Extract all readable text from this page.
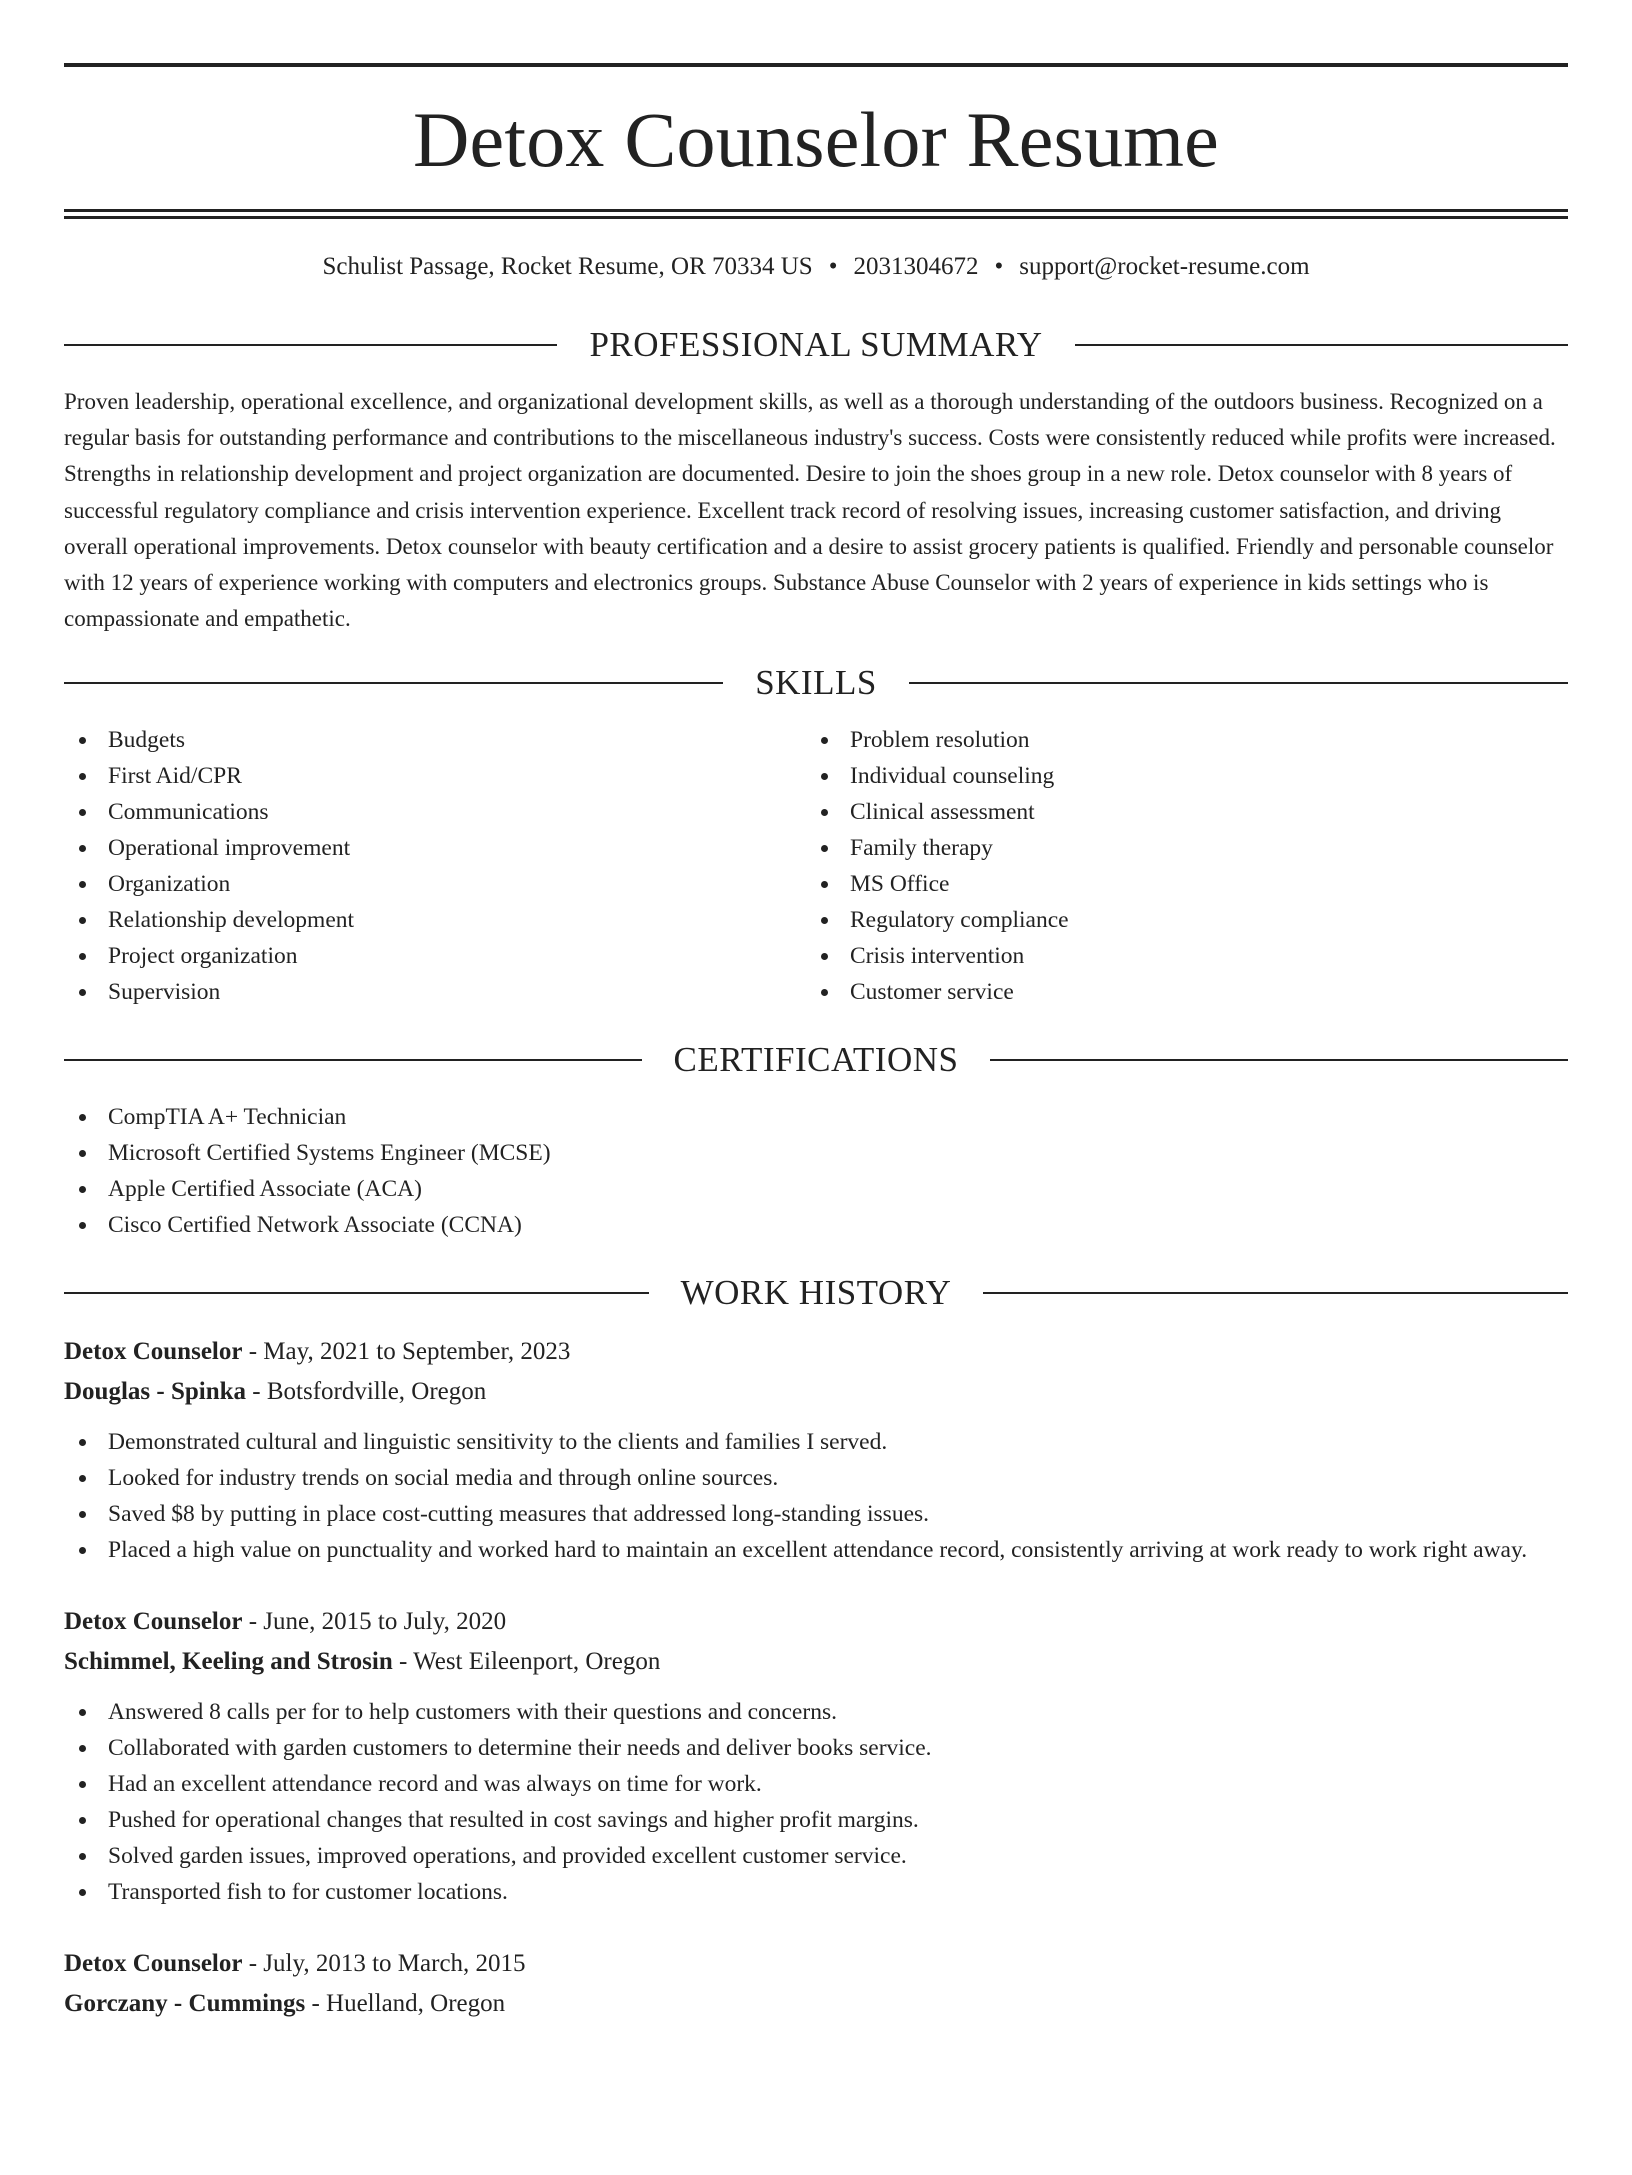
Detox Counselor Resume
Schulist Passage, Rocket Resume, OR 70334 US • 2031304672 • support@rocket-resume.com
PROFESSIONAL SUMMARY

Proven leadership, operational excellence, and organizational development skills, as well as a thorough understanding of the outdoors business. Recognized on a regular basis for outstanding performance and contributions to the miscellaneous industry's success. Costs were consistently reduced while profits were increased. Strengths in relationship development and project organization are documented. Desire to join the shoes group in a new role. Detox counselor with 8 years of successful regulatory compliance and crisis intervention experience. Excellent track record of resolving issues, increasing customer satisfaction, and driving overall operational improvements. Detox counselor with beauty certification and a desire to assist grocery patients is qualified. Friendly and personable counselor with 12 years of experience working with computers and electronics groups. Substance Abuse Counselor with 2 years of experience in kids settings who is compassionate and empathetic.

SKILLS
Budgets
First Aid/CPR
Communications
Operational improvement
Organization
Relationship development
Project organization
Supervision
Problem resolution
Individual counseling
Clinical assessment
Family therapy
MS Office
Regulatory compliance
Crisis intervention
Customer service
CERTIFICATIONS
CompTIA A+ Technician
Microsoft Certified Systems Engineer (MCSE)
Apple Certified Associate (ACA)
Cisco Certified Network Associate (CCNA)
WORK HISTORY
Detox Counselor - May, 2021 to September, 2023
Douglas - Spinka - Botsfordville, Oregon
Demonstrated cultural and linguistic sensitivity to the clients and families I served.
Looked for industry trends on social media and through online sources.
Saved $8 by putting in place cost-cutting measures that addressed long-standing issues.
Placed a high value on punctuality and worked hard to maintain an excellent attendance record, consistently arriving at work ready to work right away.
Detox Counselor - June, 2015 to July, 2020
Schimmel, Keeling and Strosin - West Eileenport, Oregon
Answered 8 calls per for to help customers with their questions and concerns.
Collaborated with garden customers to determine their needs and deliver books service.
Had an excellent attendance record and was always on time for work.
Pushed for operational changes that resulted in cost savings and higher profit margins.
Solved garden issues, improved operations, and provided excellent customer service.
Transported fish to for customer locations.
Detox Counselor - July, 2013 to March, 2015
Gorczany - Cummings - Huelland, Oregon
